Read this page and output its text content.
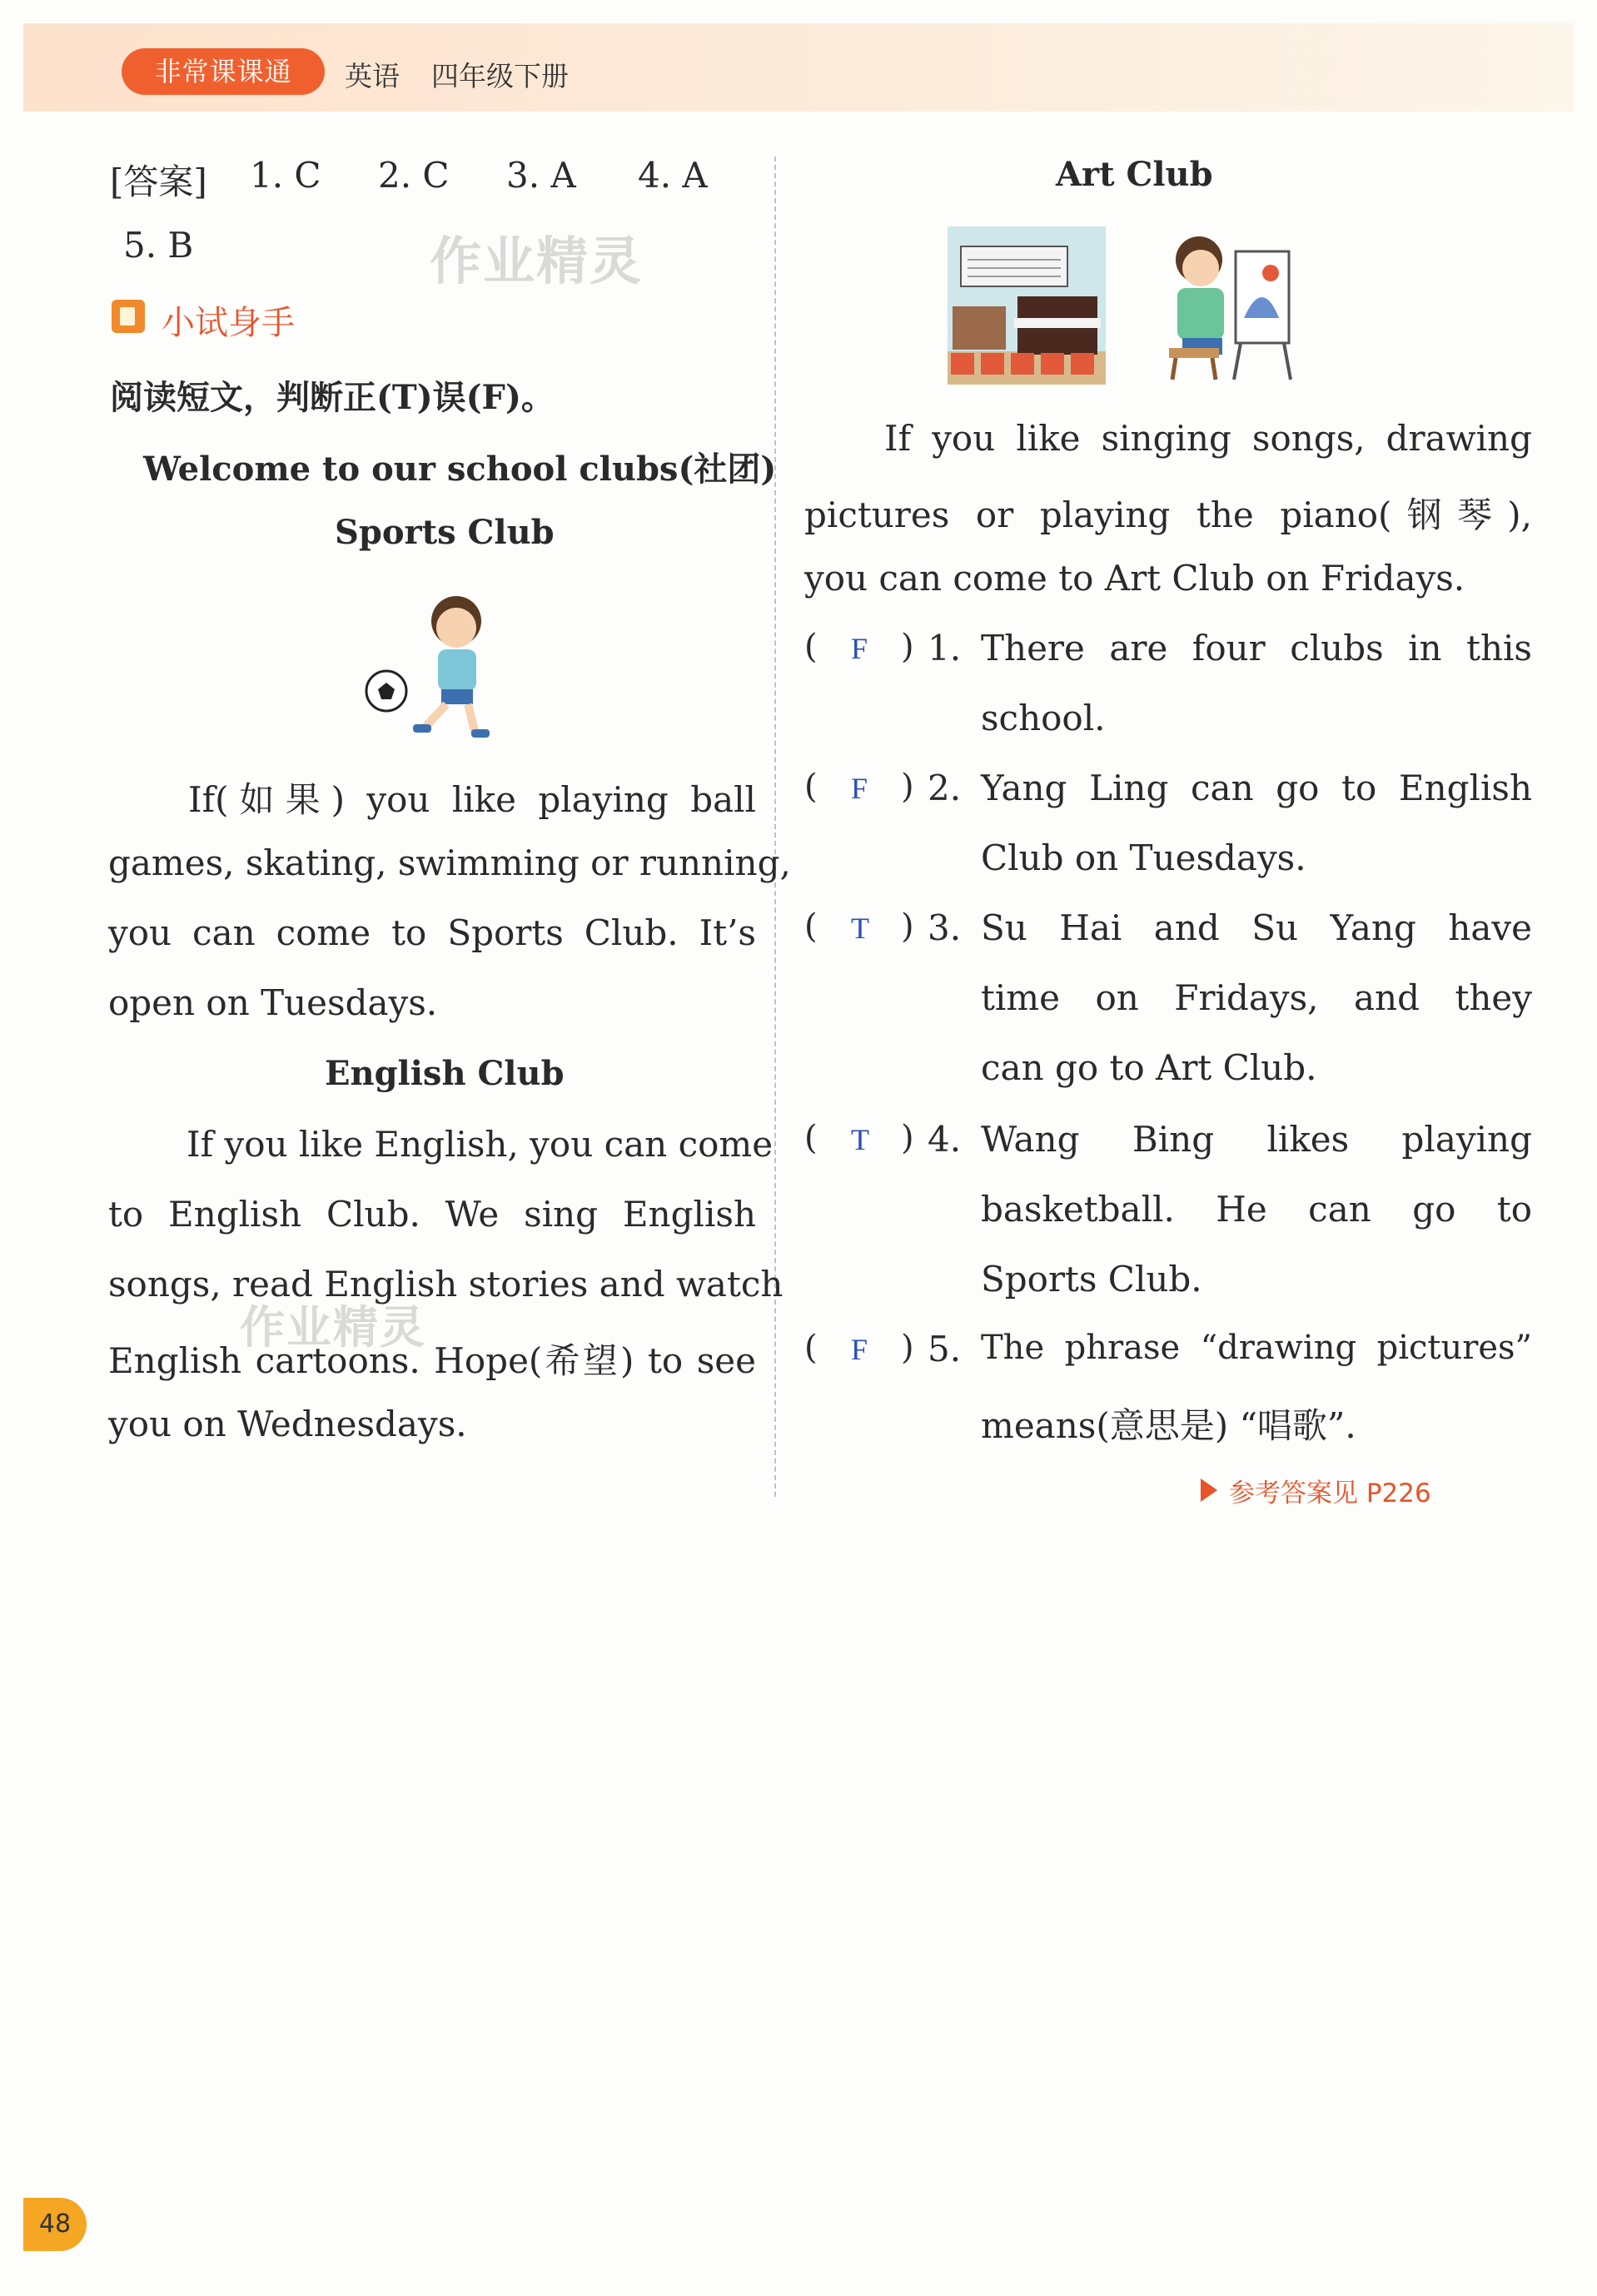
非常课课通	英语 四年级下册
[答案] 1. C 2. C 3. A 4. A
5. B
小试身手
阅读短文，判断正(T)误(F)。
Welcome to our school clubs(社团)
Sports Club
If(如果) you like playing ball
games, skating, swimming or running,
you can come to Sports Club. It’s
open on Tuesdays.
English Club
If you like English, you can come
to English Club. We sing English
songs, read English stories and watch
English cartoons. Hope(希望) to see
you on Wednesdays.
Art Club
If you like singing songs, drawing
pictures or playing the piano(钢琴),
you can come to Art Club on Fridays.
( F ) 1. There are four clubs in this
school.
( F ) 2. Yang Ling can go to English
Club on Tuesdays.
( T ) 3. Su Hai and Su Yang have
time on Fridays, and they
can go to Art Club.
( T ) 4. Wang Bing likes playing
basketball. He can go to
Sports Club.
( F ) 5. The phrase “drawing pictures”
means(意思是) “唱歌”.
参考答案见 P226
作业精灵
作业精灵
48
